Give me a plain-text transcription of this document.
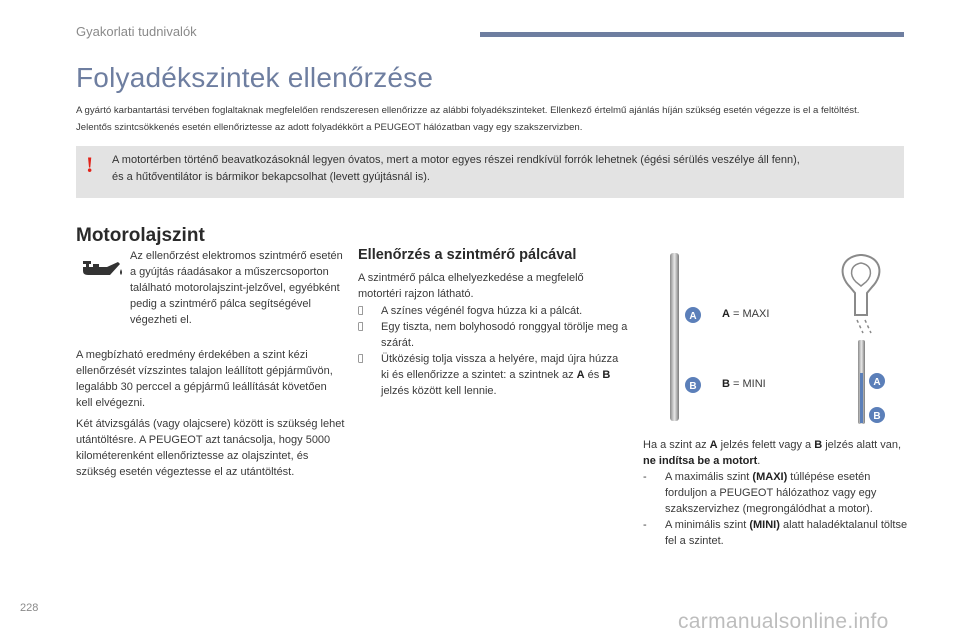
Gyakorlati tudnivalók
Folyadékszintek ellenőrzése

A gyártó karbantartási tervében foglaltaknak megfelelően rendszeresen ellenőrizze az alábbi folyadékszinteket. Ellenkező értelmű ajánlás híján szükség esetén végezze is el a feltöltést.

Jelentős szintcsökkenés esetén ellenőriztesse az adott folyadékkört a PEUGEOT hálózatban vagy egy szakszervizben.

! A motortérben történő beavatkozásoknál legyen óvatos, mert a motor egyes részei rendkívül forrók lehetnek (égési sérülés veszélye áll fenn),
és a hűtőventilátor is bármikor bekapcsolhat (levett gyújtásnál is).
Motorolajszint
Az ellenőrzést elektromos szintmérő esetén a gyújtás ráadásakor a műszercsoporton található motorolajszint-jelzővel, egyébként pedig a szintmérő pálca segítségével végezheti el.
A megbízható eredmény érdekében a szint kézi ellenőrzését vízszintes talajon leállított gépjárművön, legalább 30 perccel a gépjármű leállítását követően kell elvégezni.
Két átvizsgálás (vagy olajcsere) között is szükség lehet utántöltésre. A PEUGEOT azt tanácsolja, hogy 5000 kilométerenként ellenőriztesse az olajszintet, és szükség esetén végeztesse el az utántöltést.
Ellenőrzés a szintmérő pálcával
A szintmérő pálca elhelyezkedése a megfelelő motortéri rajzon látható.
A színes végénél fogva húzza ki a pálcát.
Egy tiszta, nem bolyhosodó ronggyal törölje meg a szárát.
Ütközésig tolja vissza a helyére, majd újra húzza ki és ellenőrizze a szintet: a szintnek az A és B jelzés között kell lennie.
A
B	A
B
A = MAXI
B = MINI
Ha a szint az A jelzés felett vagy a B jelzés alatt van, ne indítsa be a motort.
-	A maximális szint (MAXI) túllépése esetén forduljon a PEUGEOT hálózathoz vagy egy szakszervizhez (megrongálódhat a motor).
-	A minimális szint (MINI) alatt haladéktalanul töltse fel a szintet.
228
carmanualsonline.info
